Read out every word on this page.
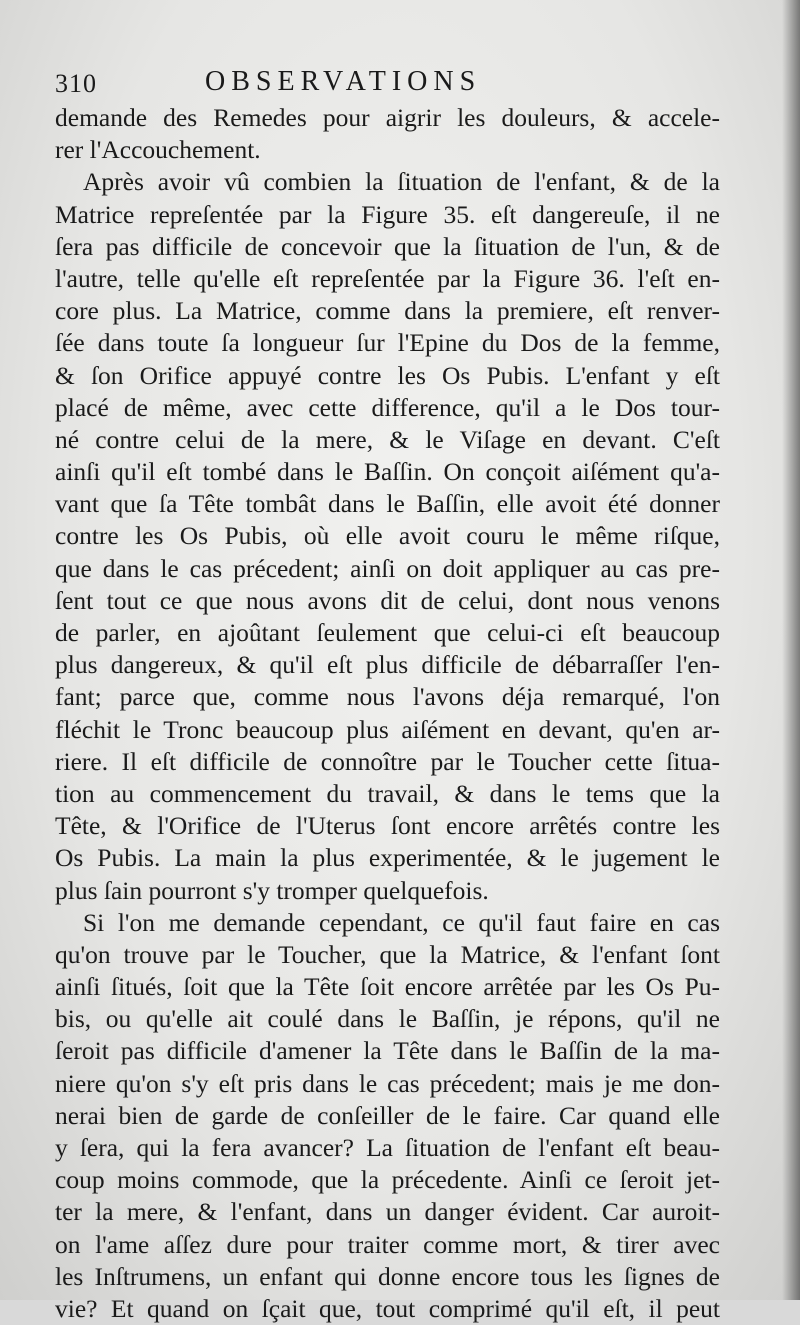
310	OBSERVATIONS
demande des Remedes pour aigrir les douleurs, & accele-
rer l'Accouchement.
Après avoir vû combien la ſituation de l'enfant, & de la
Matrice repreſentée par la Figure 35. eſt dangereuſe, il ne
ſera pas difficile de concevoir que la ſituation de l'un, & de
l'autre, telle qu'elle eſt repreſentée par la Figure 36. l'eſt en-
core plus. La Matrice, comme dans la premiere, eſt renver-
ſée dans toute ſa longueur ſur l'Epine du Dos de la femme,
& ſon Orifice appuyé contre les Os Pubis. L'enfant y eſt
placé de même, avec cette difference, qu'il a le Dos tour-
né contre celui de la mere, & le Viſage en devant. C'eſt
ainſi qu'il eſt tombé dans le Baſſin. On conçoit aiſément qu'a-
vant que ſa Tête tombât dans le Baſſin, elle avoit été donner
contre les Os Pubis, où elle avoit couru le même riſque,
que dans le cas précedent; ainſi on doit appliquer au cas pre-
ſent tout ce que nous avons dit de celui, dont nous venons
de parler, en ajoûtant ſeulement que celui-ci eſt beaucoup
plus dangereux, & qu'il eſt plus difficile de débarraſſer l'en-
fant; parce que, comme nous l'avons déja remarqué, l'on
fléchit le Tronc beaucoup plus aiſément en devant, qu'en ar-
riere. Il eſt difficile de connoître par le Toucher cette ſitua-
tion au commencement du travail, & dans le tems que la
Tête, & l'Orifice de l'Uterus ſont encore arrêtés contre les
Os Pubis. La main la plus experimentée, & le jugement le
plus ſain pourront s'y tromper quelquefois.
Si l'on me demande cependant, ce qu'il faut faire en cas
qu'on trouve par le Toucher, que la Matrice, & l'enfant ſont
ainſi ſitués, ſoit que la Tête ſoit encore arrêtée par les Os Pu-
bis, ou qu'elle ait coulé dans le Baſſin, je répons, qu'il ne
ſeroit pas difficile d'amener la Tête dans le Baſſin de la ma-
niere qu'on s'y eſt pris dans le cas précedent; mais je me don-
nerai bien de garde de conſeiller de le faire. Car quand elle
y ſera, qui la fera avancer? La ſituation de l'enfant eſt beau-
coup moins commode, que la précedente. Ainſi ce ſeroit jet-
ter la mere, & l'enfant, dans un danger évident. Car auroit-
on l'ame aſſez dure pour traiter comme mort, & tirer avec
les Inſtrumens, un enfant qui donne encore tous les ſignes de
vie? Et quand on ſçait que, tout comprimé qu'il eſt, il peut
